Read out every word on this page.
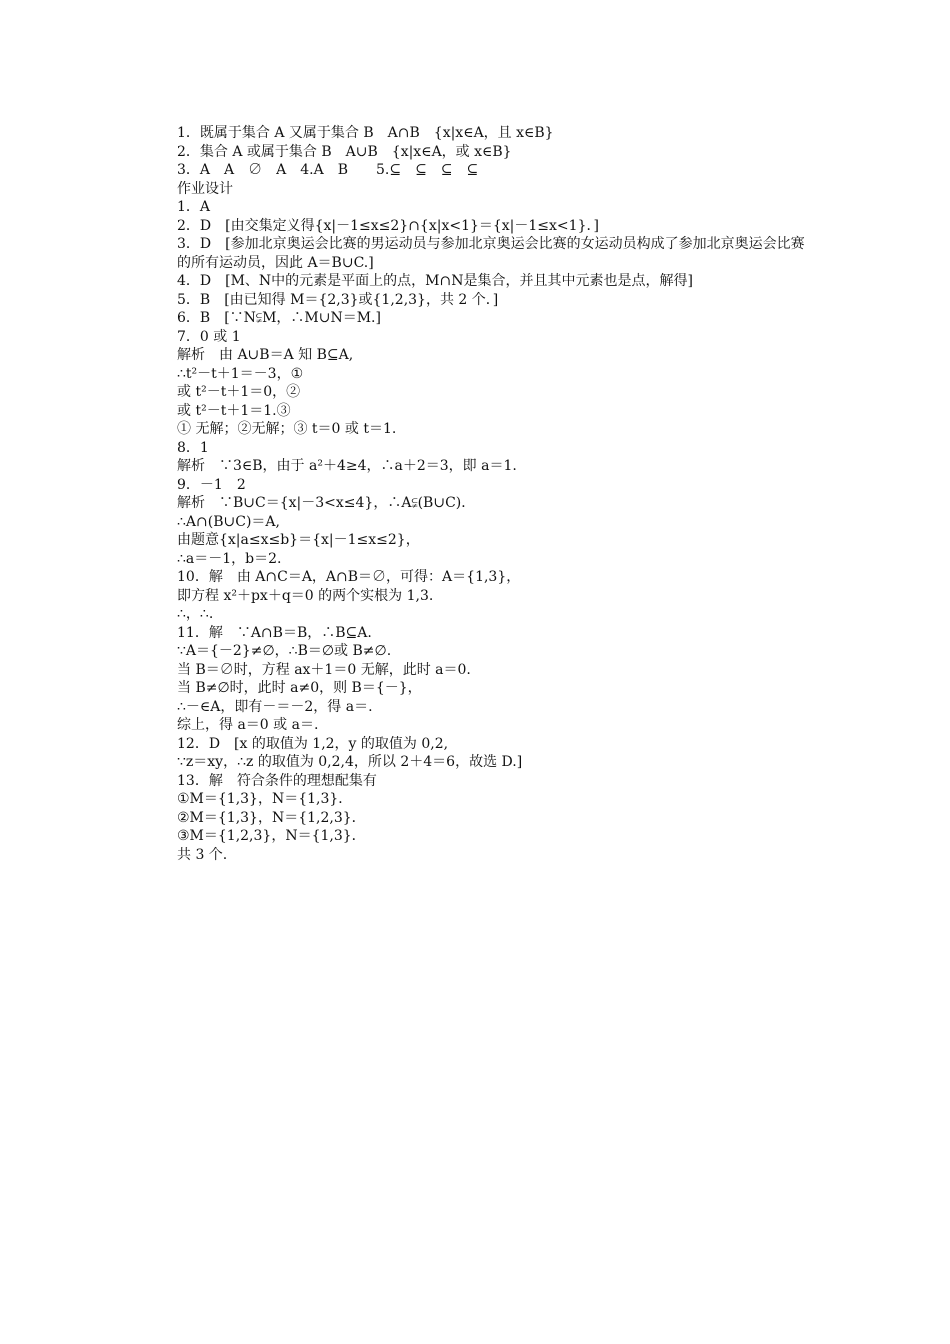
1．既属于集合 A 又属于集合 B　A∩B　{x|x∈A，且 x∈B}
2．集合 A 或属于集合 B　A∪B　{x|x∈A，或 x∈B}
3．A　A　∅　A　4.A　B　　5.⊆　⊆　⊆　⊆
作业设计
1．A
2．D　[由交集定义得{x|－1≤x≤2}∩{x|x<1}＝{x|－1≤x<1}．]
3．D　[参加北京奥运会比赛的男运动员与参加北京奥运会比赛的女运动员构成了参加北京奥运会比赛的所有运动员，因此 A＝B∪C.]
4．D　[M、N中的元素是平面上的点，M∩N是集合，并且其中元素也是点，解得]
5．B　[由已知得 M＝{2,3}或{1,2,3}，共 2 个．]
6．B　[∵N⫋M，∴M∪N＝M.]
7．0 或 1
解析　由 A∪B＝A 知 B⊆A,
∴t²－t＋1＝－3，①
或 t²－t＋1＝0，②
或 t²－t＋1＝1.③
① 无解；②无解；③ t＝0 或 t＝1.
8．1
解析　∵3∈B，由于 a²＋4≥4，∴a＋2＝3，即 a＝1.
9．－1　2
解析　∵B∪C＝{x|－3<x≤4}，∴A⫋(B∪C)．
∴A∩(B∪C)＝A,
由题意{x|a≤x≤b}＝{x|－1≤x≤2}，
∴a＝－1，b＝2.
10．解　由 A∩C＝A，A∩B＝∅，可得：A＝{1,3}，
即方程 x²＋px＋q＝0 的两个实根为 1,3.
∴，∴.
11．解　∵A∩B＝B，∴B⊆A.
∵A＝{－2}≠∅，∴B＝∅或 B≠∅.
当 B＝∅时，方程 ax＋1＝0 无解，此时 a＝0.
当 B≠∅时，此时 a≠0，则 B＝{－}，
∴－∈A，即有－＝－2，得 a＝.
综上，得 a＝0 或 a＝.
12．D　[x 的取值为 1,2，y 的取值为 0,2,
∵z＝xy，∴z 的取值为 0,2,4，所以 2＋4＝6，故选 D.]
13．解　符合条件的理想配集有
①M＝{1,3}，N＝{1,3}．
②M＝{1,3}，N＝{1,2,3}．
③M＝{1,2,3}，N＝{1,3}．
共 3 个.
